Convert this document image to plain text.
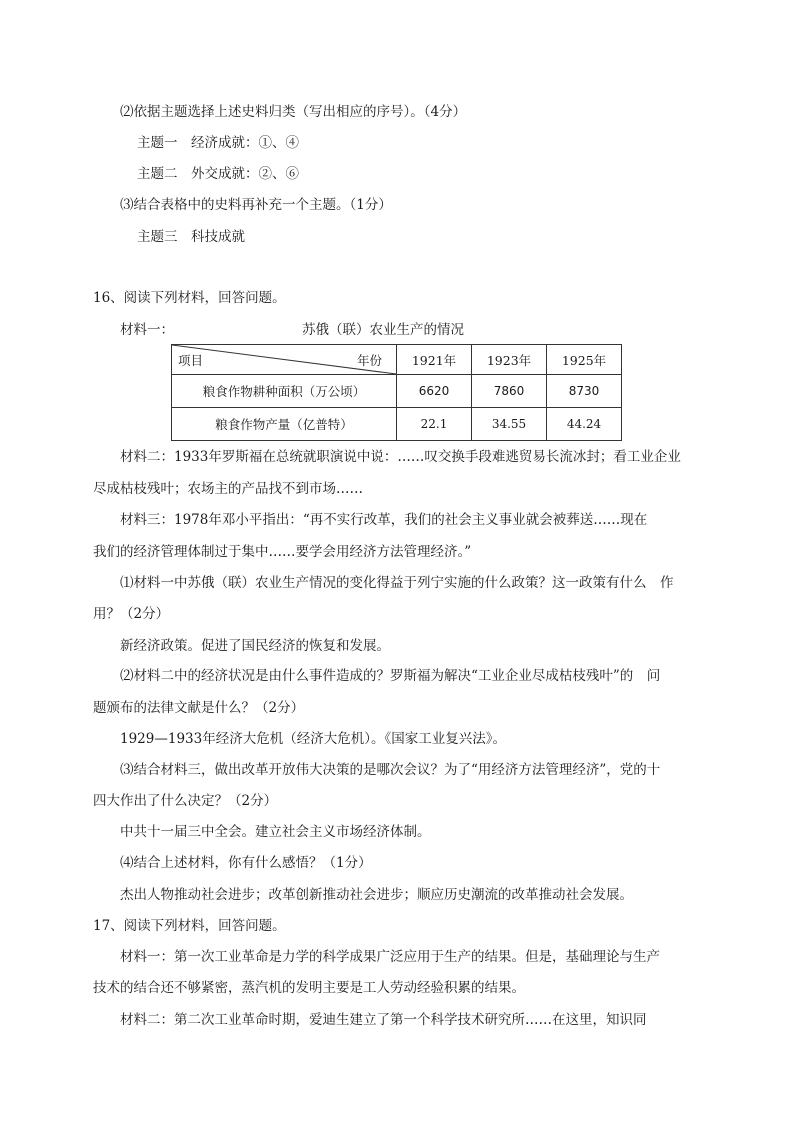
⑵依据主题选择上述史料归类（写出相应的序号）。（4分）
主题一　经济成就：①、④
主题二　外交成就：②、⑥
⑶结合表格中的史料再补充一个主题。（1分）
主题三　科技成就
16、阅读下列材料，回答问题。
材料一：	苏俄（联）农业生产的情况
项目 年份	1921年	1923年	1925年
粮食作物耕种面积（万公顷）	6620	7860	8730
粮食作物产量（亿普特）	22.1	34.55	44.24
材料二：1933年罗斯福在总统就职演说中说：……叹交换手段难逃贸易长流冰封；看工业企业
尽成枯枝残叶；农场主的产品找不到市场……
材料三：1978年邓小平指出：“再不实行改革，我们的社会主义事业就会被葬送……现在
我们的经济管理体制过于集中……要学会用经济方法管理经济。”
⑴材料一中苏俄（联）农业生产情况的变化得益于列宁实施的什么政策？这一政策有什么　作
用？（2分）
新经济政策。促进了国民经济的恢复和发展。
⑵材料二中的经济状况是由什么事件造成的？罗斯福为解决“工业企业尽成枯枝残叶”的　问
题颁布的法律文献是什么？（2分）
1929—1933年经济大危机（经济大危机）。《国家工业复兴法》。
⑶结合材料三，做出改革开放伟大决策的是哪次会议？为了“用经济方法管理经济”，党的十
四大作出了什么决定？（2分）
中共十一届三中全会。建立社会主义市场经济体制。
⑷结合上述材料，你有什么感悟？（1分）
杰出人物推动社会进步；改革创新推动社会进步；顺应历史潮流的改革推动社会发展。
17、阅读下列材料，回答问题。
材料一：第一次工业革命是力学的科学成果广泛应用于生产的结果。但是，基础理论与生产
技术的结合还不够紧密，蒸汽机的发明主要是工人劳动经验积累的结果。
材料二：第二次工业革命时期，爱迪生建立了第一个科学技术研究所……在这里，知识同
